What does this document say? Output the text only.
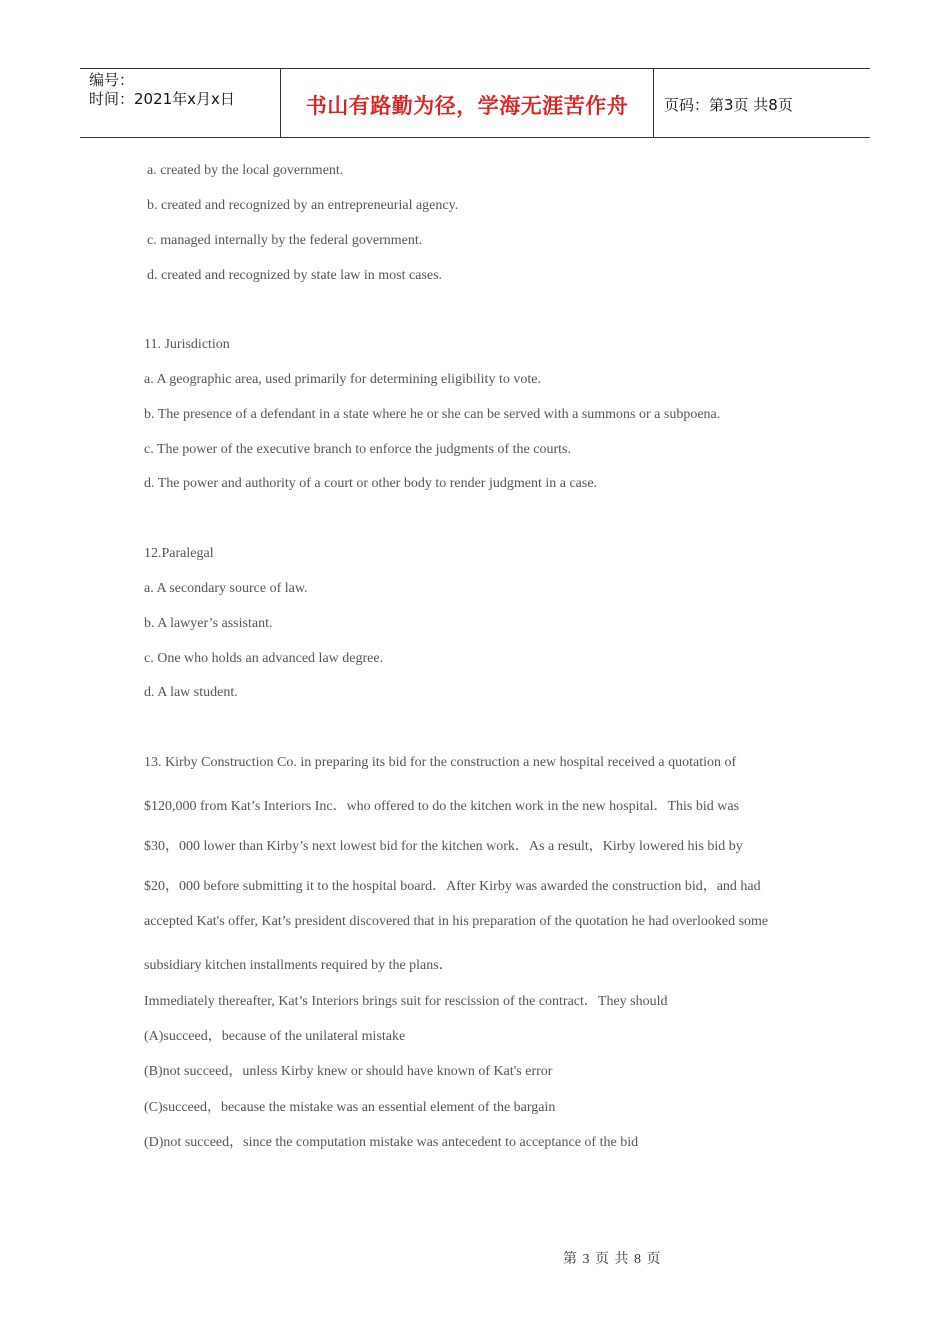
编号：
时间：2021年x月x日	书山有路勤为径，学海无涯苦作舟 页码：第3页 共8页
a. created by the local government.
b. created and recognized by an entrepreneurial agency.
c. managed internally by the federal government.
d. created and recognized by state law in most cases.
11. Jurisdiction
a. A geographic area, used primarily for determining eligibility to vote.
b. The presence of a defendant in a state where he or she can be served with a summons or a subpoena.
c. The power of the executive branch to enforce the judgments of the courts.
d. The power and authority of a court or other body to render judgment in a case.
12.Paralegal
a. A secondary source of law.
b. A lawyer’s assistant.
c. One who holds an advanced law degree.
d. A law student.
13. Kirby Construction Co. in preparing its bid for the construction a new hospital received a quotation of
$120,000 from Kat’s Interiors Inc．who offered to do the kitchen work in the new hospital．This bid was
$30，000 lower than Kirby’s next lowest bid for the kitchen work．As a result，Kirby lowered his bid by
$20，000 before submitting it to the hospital board．After Kirby was awarded the construction bid，and had
accepted Kat's offer, Kat’s president discovered that in his preparation of the quotation he had overlooked some
subsidiary kitchen installments required by the plans．
Immediately thereafter, Kat’s Interiors brings suit for rescission of the contract．They should
(A)succeed，because of the unilateral mistake
(B)not succeed，unless Kirby knew or should have known of Kat's error
(C)succeed，because the mistake was an essential element of the bargain
(D)not succeed，since the computation mistake was antecedent to acceptance of the bid
第 3 页 共 8 页
